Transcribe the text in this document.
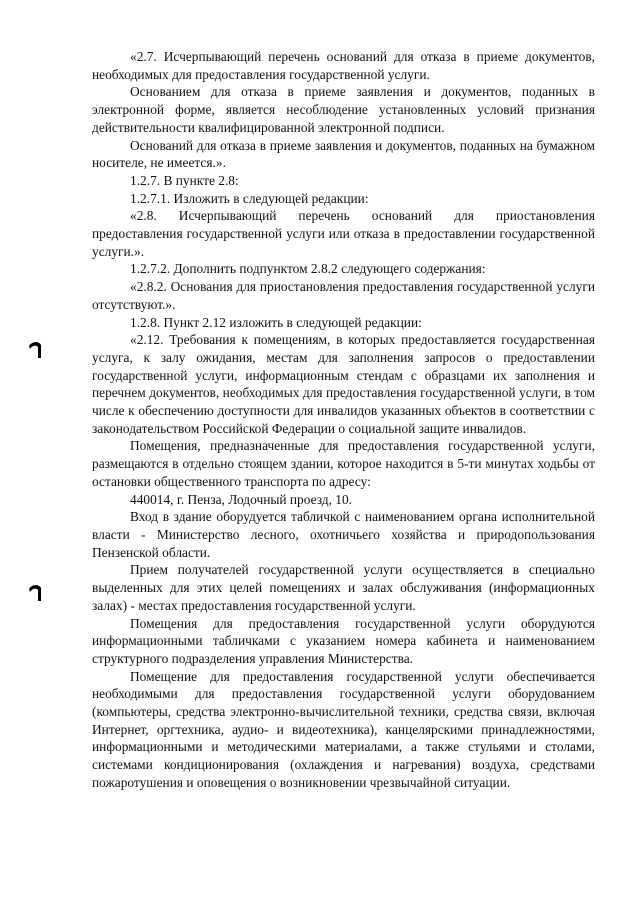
«2.7. Исчерпывающий перечень оснований для отказа в приеме документов, необходимых для предоставления государственной услуги.

Основанием для отказа в приеме заявления и документов, поданных в электронной форме, является несоблюдение установленных условий признания действительности квалифицированной электронной подписи.

Оснований для отказа в приеме заявления и документов, поданных на бумажном носителе, не имеется.».

1.2.7. В пункте 2.8:

1.2.7.1. Изложить в следующей редакции:

«2.8. Исчерпывающий перечень оснований для приостановления предоставления государственной услуги или отказа в предоставлении государственной услуги.».

1.2.7.2. Дополнить подпунктом 2.8.2 следующего содержания:

«2.8.2. Основания для приостановления предоставления государственной услуги отсутствуют.».

1.2.8. Пункт 2.12 изложить в следующей редакции:

«2.12. Требования к помещениям, в которых предоставляется государственная услуга, к залу ожидания, местам для заполнения запросов о предоставлении государственной услуги, информационным стендам с образцами их заполнения и перечнем документов, необходимых для предоставления государственной услуги, в том числе к обеспечению доступности для инвалидов указанных объектов в соответствии с законодательством Российской Федерации о социальной защите инвалидов.

Помещения, предназначенные для предоставления государственной услуги, размещаются в отдельно стоящем здании, которое находится в 5-ти минутах ходьбы от остановки общественного транспорта по адресу:

440014, г. Пенза, Лодочный проезд, 10.

Вход в здание оборудуется табличкой с наименованием органа исполнительной власти - Министерство лесного, охотничьего хозяйства и природопользования Пензенской области.

Прием получателей государственной услуги осуществляется в специально выделенных для этих целей помещениях и залах обслуживания (информационных залах) - местах предоставления государственной услуги.

Помещения для предоставления государственной услуги оборудуются информационными табличками с указанием номера кабинета и наименованием структурного подразделения управления Министерства.

Помещение для предоставления государственной услуги обеспечивается необходимыми для предоставления государственной услуги оборудованием (компьютеры, средства электронно-вычислительной техники, средства связи, включая Интернет, оргтехника, аудио- и видеотехника), канцелярскими принадлежностями, информационными и методическими материалами, а также стульями и столами, системами кондиционирования (охлаждения и нагревания) воздуха, средствами пожаротушения и оповещения о возникновении чрезвычайной ситуации.
